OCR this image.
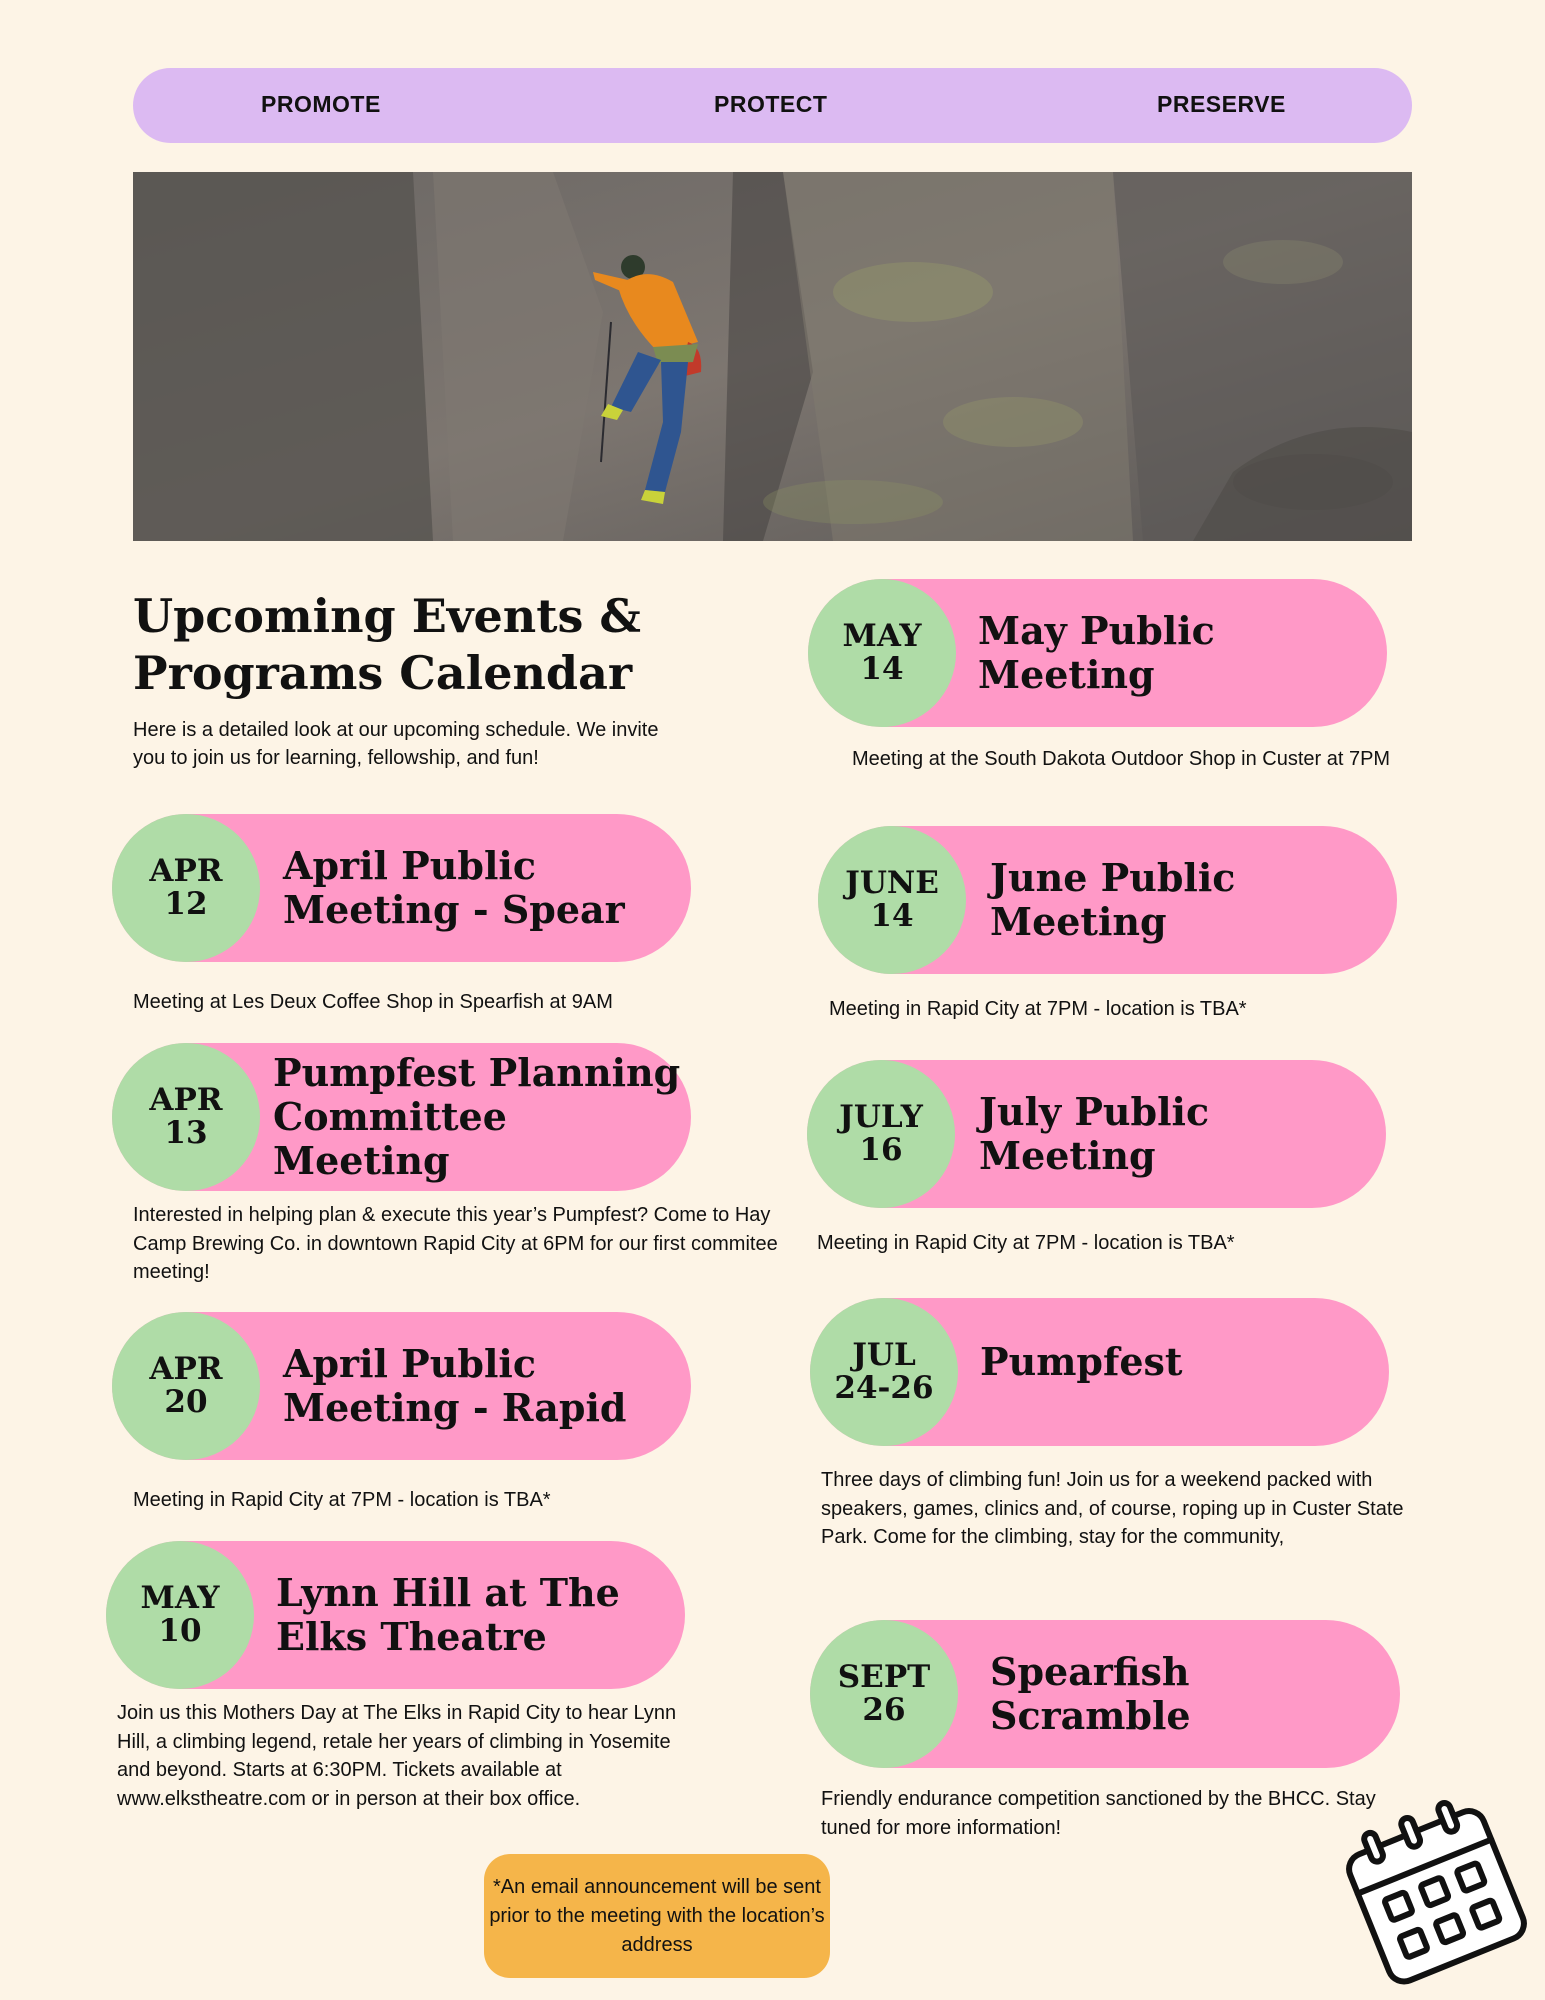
PROMOTE	PROTECT	PRESERVE
Upcoming Events &
Programs Calendar
Here is a detailed look at our upcoming schedule. We invite you to join us for learning, fellowship, and fun!
APR
12
April Public
Meeting - Spear
Meeting at Les Deux Coffee Shop in Spearfish at 9AM
APR
13
Pumpfest Planning
Committee Meeting
Interested in helping plan & execute this year’s Pumpfest? Come to Hay Camp Brewing Co. in downtown Rapid City at 6PM for our first commitee meeting!
APR
20
April Public
Meeting - Rapid
Meeting in Rapid City at 7PM - location is TBA*
MAY
10
Lynn Hill at The
Elks Theatre
Join us this Mothers Day at The Elks in Rapid City to hear Lynn Hill, a climbing legend, retale her years of climbing in Yosemite and beyond. Starts at 6:30PM. Tickets available at www.elkstheatre.com or in person at their box office.
MAY
14
May Public
Meeting
Meeting at the South Dakota Outdoor Shop in Custer at 7PM
JUNE
14
June Public
Meeting
Meeting in Rapid City at 7PM - location is TBA*
JULY
16
July Public
Meeting
Meeting in Rapid City at 7PM - location is TBA*
JUL
24-26
Pumpfest
Three days of climbing fun! Join us for a weekend packed with speakers, games, clinics and, of course, roping up in Custer State Park. Come for the climbing, stay for the community,
SEPT
26
Spearfish
Scramble
Friendly endurance competition sanctioned by the BHCC. Stay tuned for more information!
*An email announcement will be sent prior to the meeting with the location’s address
